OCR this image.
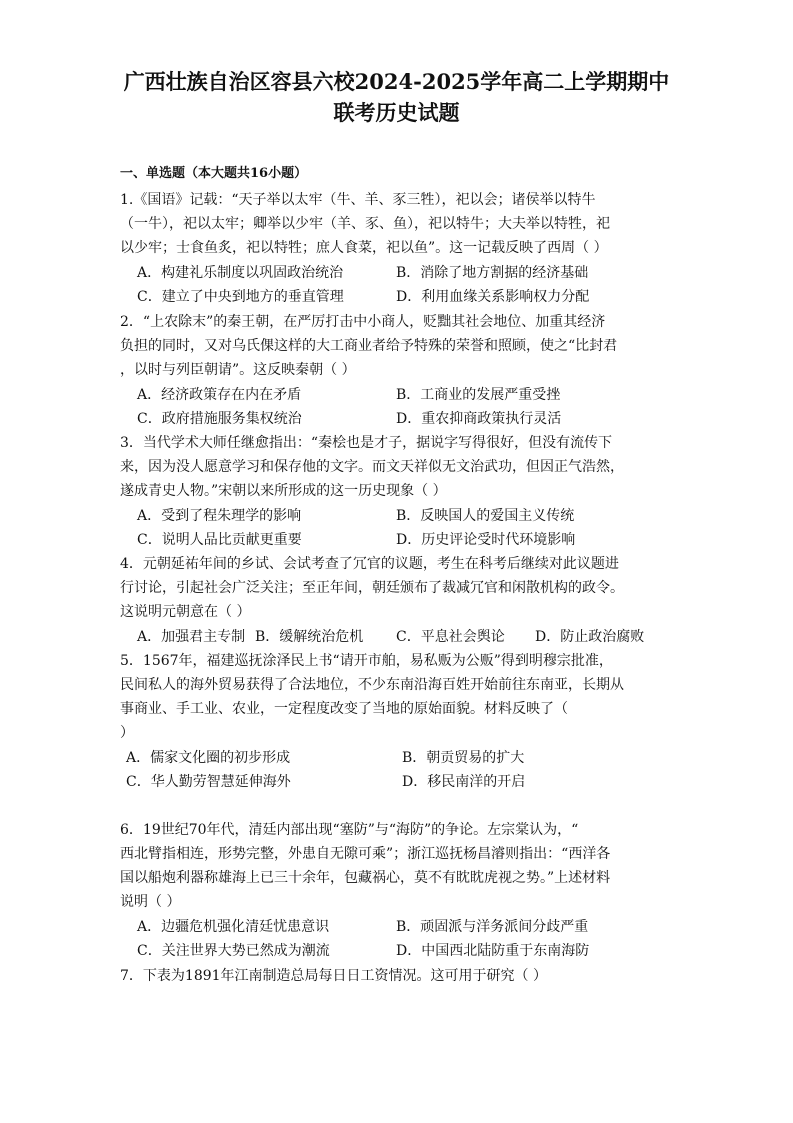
广西壮族自治区容县六校2024-2025学年高二上学期期中
联考历史试题
一、单选题（本大题共16小题）
1.《国语》记载：“天子举以太牢（牛、羊、豕三牲），祀以会；诸侯举以特牛
（一牛），祀以太牢；卿举以少牢（羊、豕、鱼），祀以特牛；大夫举以特牲，祀
以少牢；士食鱼炙，祀以特牲；庶人食菜，祀以鱼”。这一记载反映了西周（ ）
A．构建礼乐制度以巩固政治统治	B．消除了地方割据的经济基础
C．建立了中央到地方的垂直管理	D．利用血缘关系影响权力分配
2．“上农除末”的秦王朝，在严厉打击中小商人，贬黜其社会地位、加重其经济
负担的同时，又对乌氏倮这样的大工商业者给予特殊的荣誉和照顾，使之“比封君
，以时与列臣朝请”。这反映秦朝（ ）
A．经济政策存在内在矛盾	B．工商业的发展严重受挫
C．政府措施服务集权统治	D．重农抑商政策执行灵活
3．当代学术大师任继愈指出：“秦桧也是才子，据说字写得很好，但没有流传下
来，因为没人愿意学习和保存他的文字。而文天祥似无文治武功，但因正气浩然，
遂成青史人物。”宋朝以来所形成的这一历史现象（ ）
A．受到了程朱理学的影响	B．反映国人的爱国主义传统
C．说明人品比贡献更重要	D．历史评论受时代环境影响
4．元朝延祐年间的乡试、会试考查了冗官的议题，考生在科考后继续对此议题进
行讨论，引起社会广泛关注；至正年间，朝廷颁布了裁减冗官和闲散机构的政令。
这说明元朝意在（ ）
A．加强君主专制 B．缓解统治危机 C．平息社会舆论 D．防止政治腐败
5．1567年，福建巡抚涂泽民上书“请开市舶，易私贩为公贩”得到明穆宗批准，
民间私人的海外贸易获得了合法地位，不少东南沿海百姓开始前往东南亚，长期从
事商业、手工业、农业，一定程度改变了当地的原始面貌。材料反映了（
）
A．儒家文化圈的初步形成	B．朝贡贸易的扩大
C．华人勤劳智慧延伸海外	D．移民南洋的开启
6．19世纪70年代，清廷内部出现“塞防”与“海防”的争论。左宗棠认为，“
西北臂指相连，形势完整，外患自无隙可乘”；浙江巡抚杨昌濬则指出：“西洋各
国以船炮利器称雄海上已三十余年，包藏祸心，莫不有眈眈虎视之势。”上述材料
说明（ ）
A．边疆危机强化清廷忧患意识	B．顽固派与洋务派间分歧严重
C．关注世界大势已然成为潮流	D．中国西北陆防重于东南海防
7．下表为1891年江南制造总局每日日工资情况。这可用于研究（ ）
